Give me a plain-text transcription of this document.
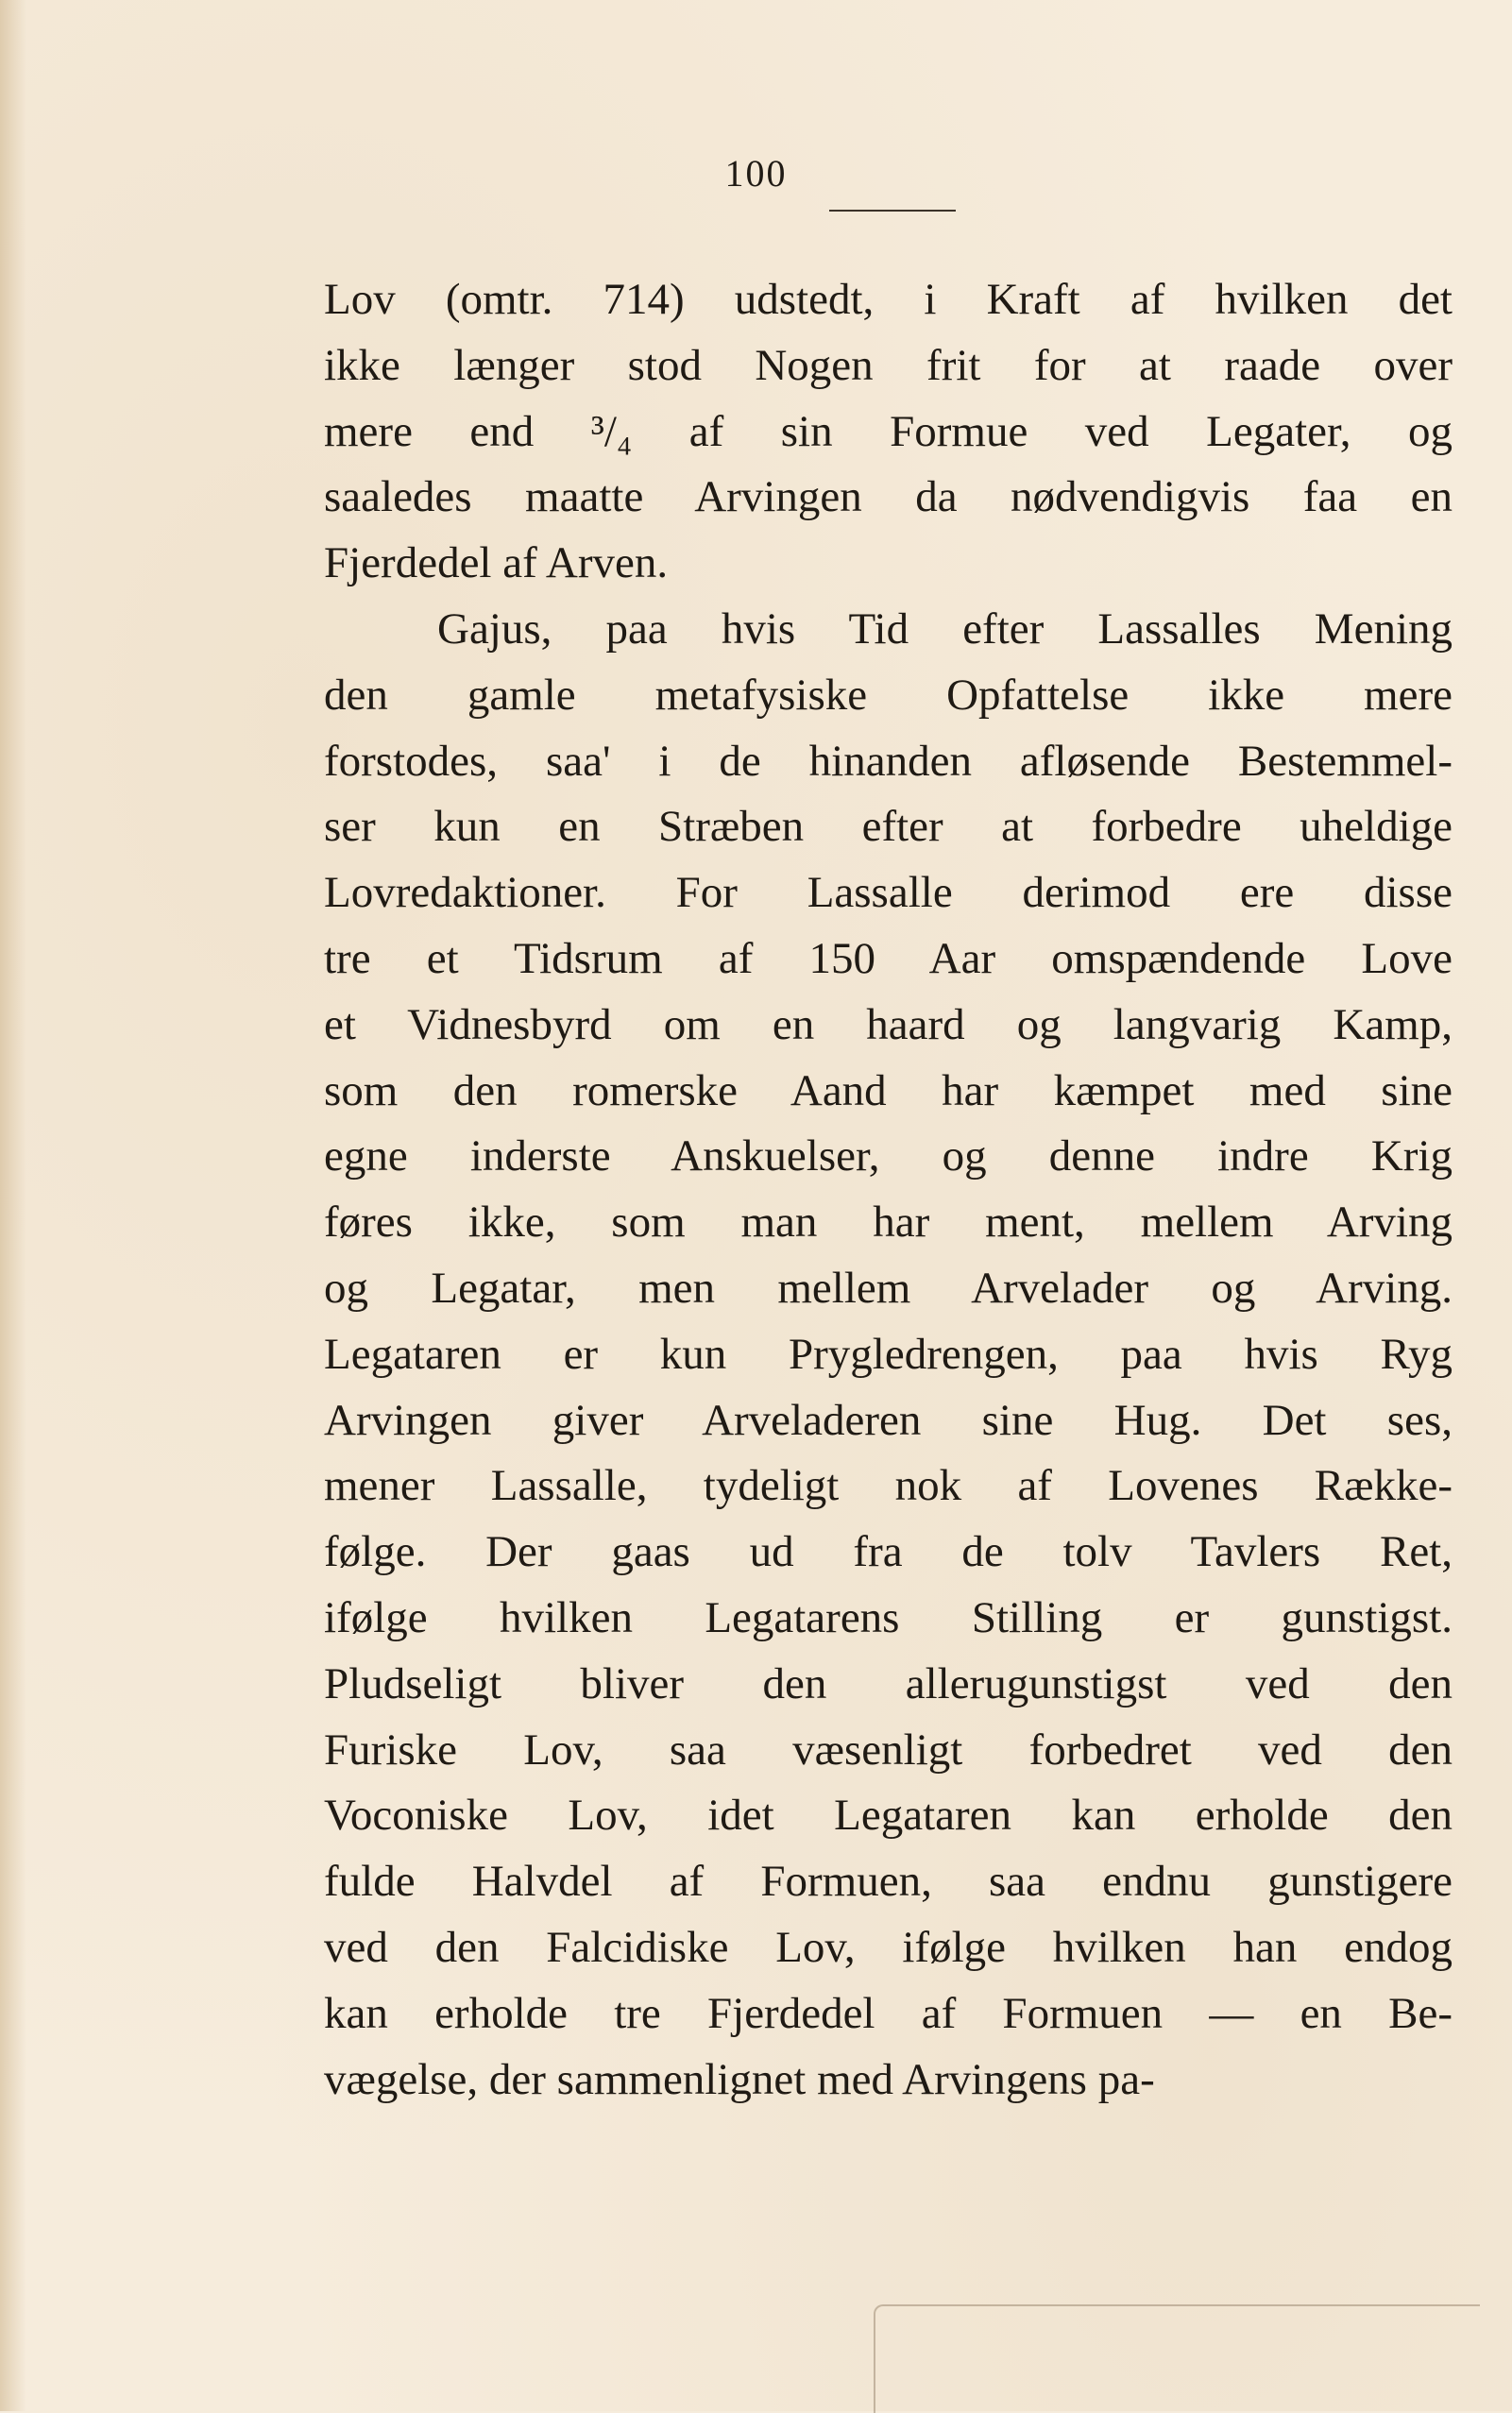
100
Lov (omtr. 714) udstedt, i Kraft af hvilken det
ikke længer stod Nogen frit for at raade over
mere end ³/₄ af sin Formue ved Legater, og
saaledes maatte Arvingen da nødvendigvis faa en
Fjerdedel af Arven.
Gajus, paa hvis Tid efter Lassalles Mening
den gamle metafysiske Opfattelse ikke mere
forstodes, saa' i de hinanden afløsende Bestemmel-
ser kun en Stræben efter at forbedre uheldige
Lovredaktioner. For Lassalle derimod ere disse
tre et Tidsrum af 150 Aar omspændende Love
et Vidnesbyrd om en haard og langvarig Kamp,
som den romerske Aand har kæmpet med sine
egne inderste Anskuelser, og denne indre Krig
føres ikke, som man har ment, mellem Arving
og Legatar, men mellem Arvelader og Arving.
Legataren er kun Prygledrengen, paa hvis Ryg
Arvingen giver Arveladeren sine Hug. Det ses,
mener Lassalle, tydeligt nok af Lovenes Række-
følge. Der gaas ud fra de tolv Tavlers Ret,
ifølge hvilken Legatarens Stilling er gunstigst.
Pludseligt bliver den allerugunstigst ved den
Furiske Lov, saa væsenligt forbedret ved den
Voconiske Lov, idet Legataren kan erholde den
fulde Halvdel af Formuen, saa endnu gunstigere
ved den Falcidiske Lov, ifølge hvilken han endog
kan erholde tre Fjerdedel af Formuen — en Be-
vægelse, der sammenlignet med Arvingens pa-
